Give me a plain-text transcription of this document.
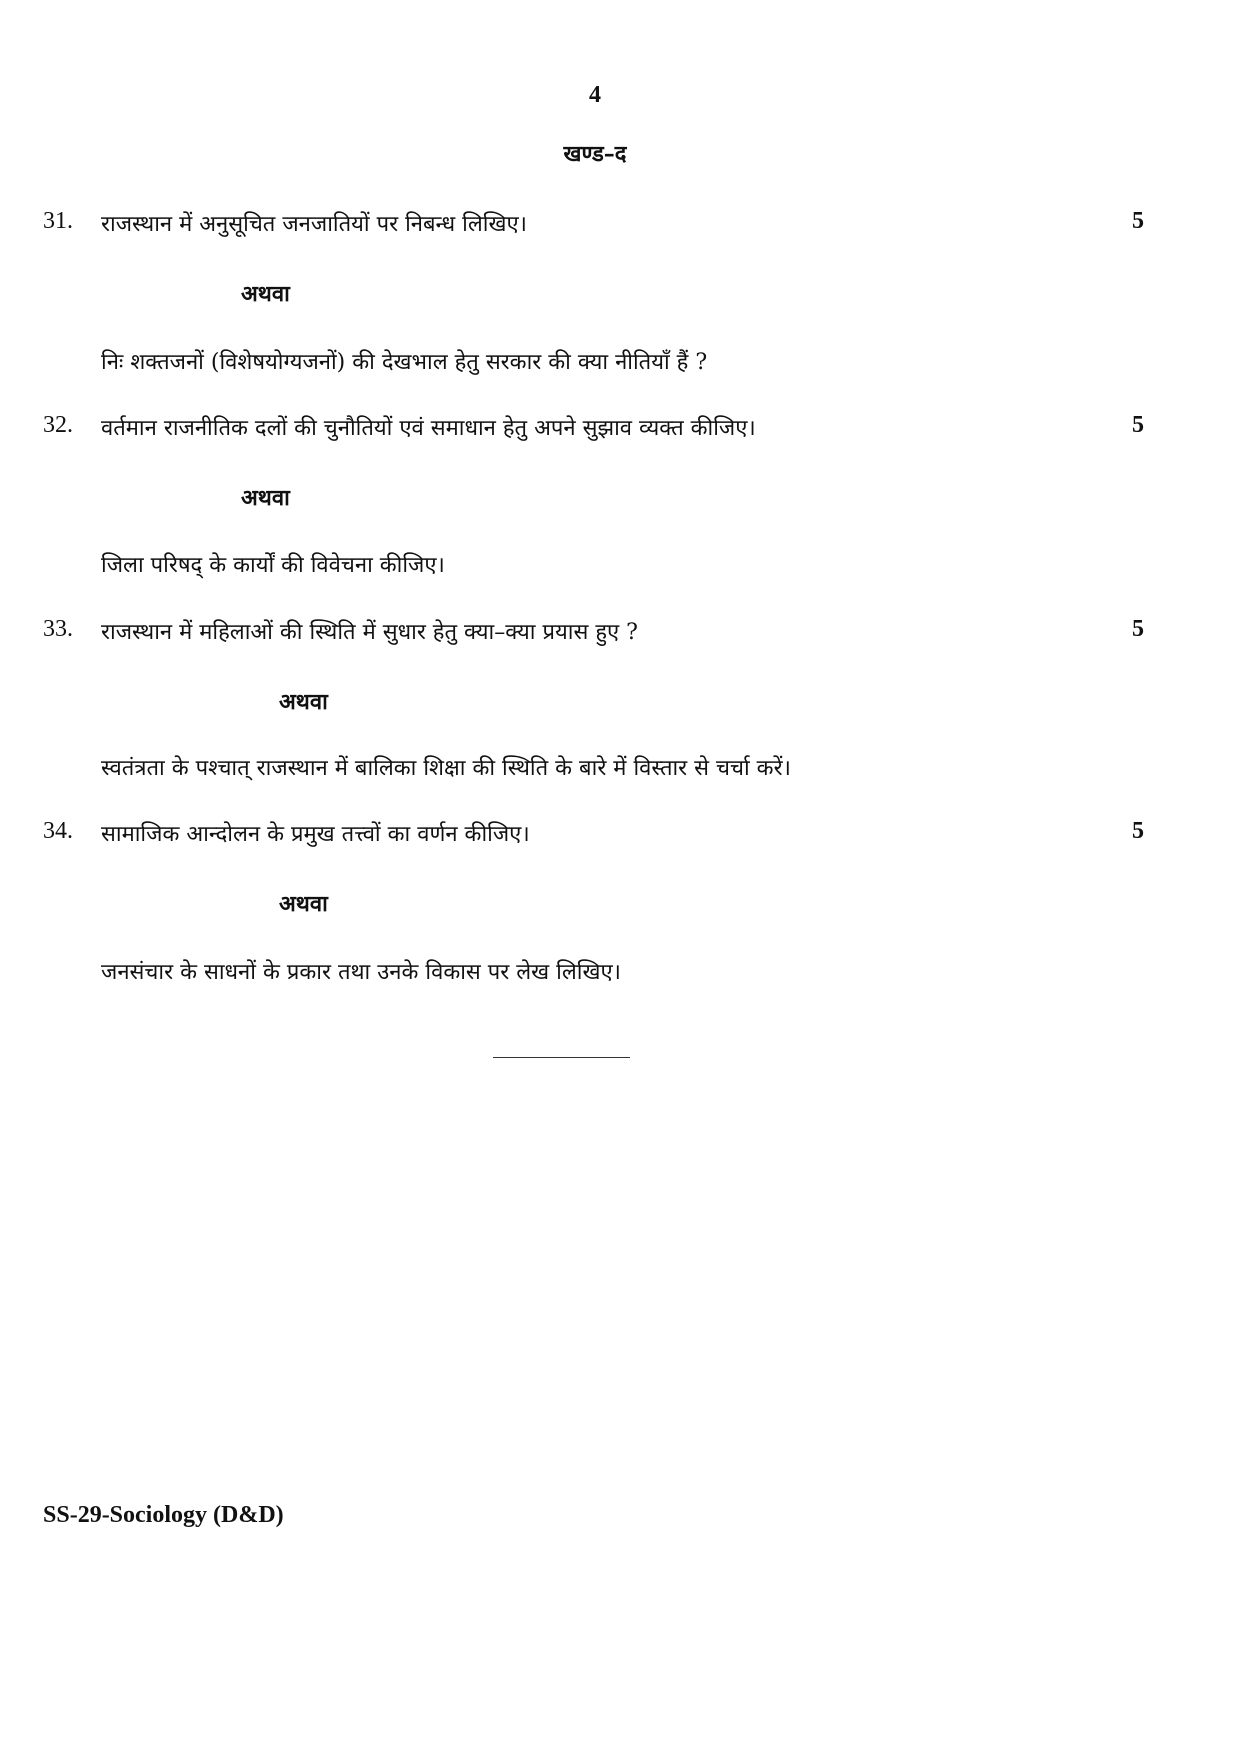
4
खण्ड–द
31. राजस्थान में अनुसूचित जनजातियों पर निबन्ध लिखिए।	5
अथवा
निः शक्तजनों (विशेषयोग्यजनों) की देखभाल हेतु सरकार की क्या नीतियाँ हैं ?
32. वर्तमान राजनीतिक दलों की चुनौतियों एवं समाधान हेतु अपने सुझाव व्यक्त कीजिए।	5
अथवा
जिला परिषद् के कार्यों की विवेचना कीजिए।
33. राजस्थान में महिलाओं की स्थिति में सुधार हेतु क्या–क्या प्रयास हुए ?	5
अथवा
स्वतंत्रता के पश्चात् राजस्थान में बालिका शिक्षा की स्थिति के बारे में विस्तार से चर्चा करें।
34. सामाजिक आन्दोलन के प्रमुख तत्त्वों का वर्णन कीजिए।	5
अथवा
जनसंचार के साधनों के प्रकार तथा उनके विकास पर लेख लिखिए।
SS-29-Sociology (D&D)
